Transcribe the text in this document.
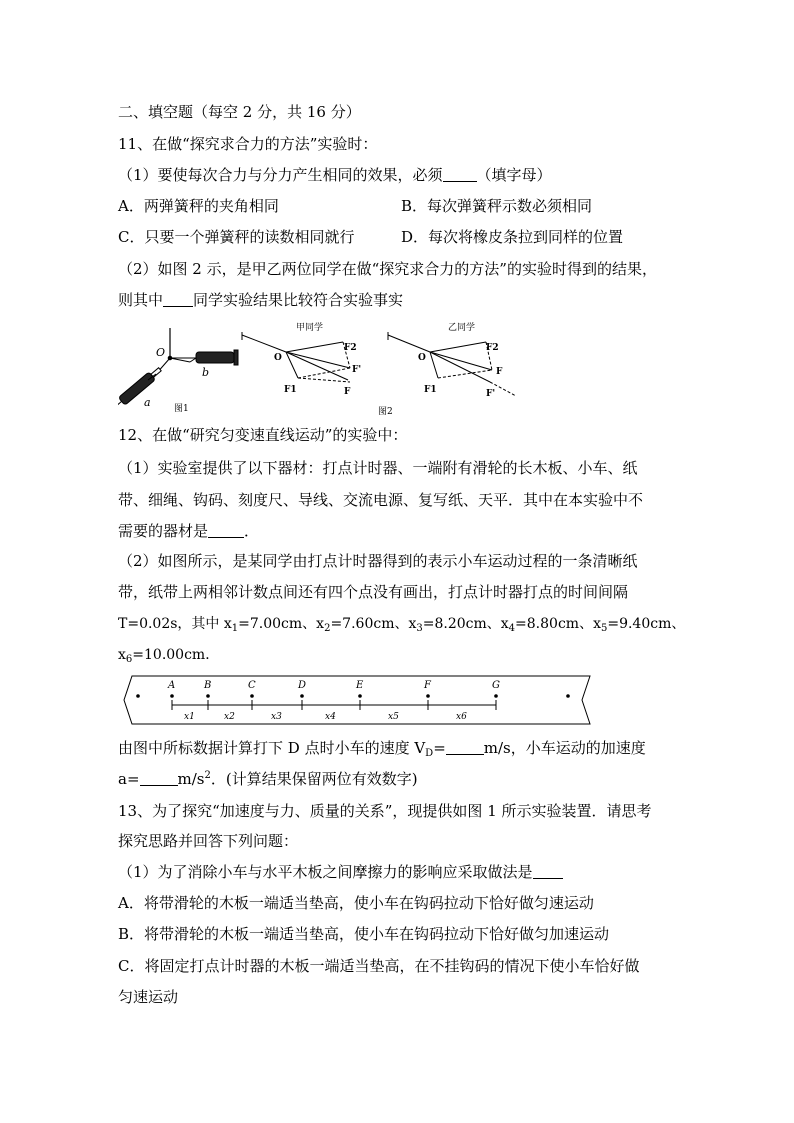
二、填空题（每空 2 分，共 16 分）
11、在做“探究求合力的方法”实验时：
（1）要使每次合力与分力产生相同的效果，必须 （填字母）
A．两弹簧秤的夹角相同	B．每次弹簧秤示数必须相同
C．只要一个弹簧秤的读数相同就行	D．每次将橡皮条拉到同样的位置
（2）如图 2 示，是甲乙两位同学在做“探究求合力的方法”的实验时得到的结果，
则其中 同学实验结果比较符合实验事实
O
a
b
图1
甲同学
O
F2
F1
F'
F
图2
乙同学
O
F2
F1
F
F'
12、在做“研究匀变速直线运动”的实验中：
（1）实验室提供了以下器材：打点计时器、一端附有滑轮的长木板、小车、纸
带、细绳、钩码、刻度尺、导线、交流电源、复写纸、天平．其中在本实验中不
需要的器材是 ．
（2）如图所示，是某同学由打点计时器得到的表示小车运动过程的一条清晰纸
带，纸带上两相邻计数点间还有四个点没有画出，打点计时器打点的时间间隔
T=0.02s，其中 $x_1=7.00cm$、$x_2=7.60cm$、$x_3=8.20cm$、$x_4=8.80cm$、$x_5=9.40cm$、
$x_6=10.00cm$．
A	B	C	D	E	F	G
x1	x2	x3	x4	x5	x6
由图中所标数据计算打下 D 点时小车的速度 $V_D=$	m/s，小车运动的加速度
a=	$m/s^2$．(计算结果保留两位有效数字)
13、为了探究“加速度与力、质量的关系”，现提供如图 1 所示实验装置．请思考
探究思路并回答下列问题：
（1）为了消除小车与水平木板之间摩擦力的影响应采取做法是
A．将带滑轮的木板一端适当垫高，使小车在钩码拉动下恰好做匀速运动
B．将带滑轮的木板一端适当垫高，使小车在钩码拉动下恰好做匀加速运动
C．将固定打点计时器的木板一端适当垫高，在不挂钩码的情况下使小车恰好做
匀速运动
